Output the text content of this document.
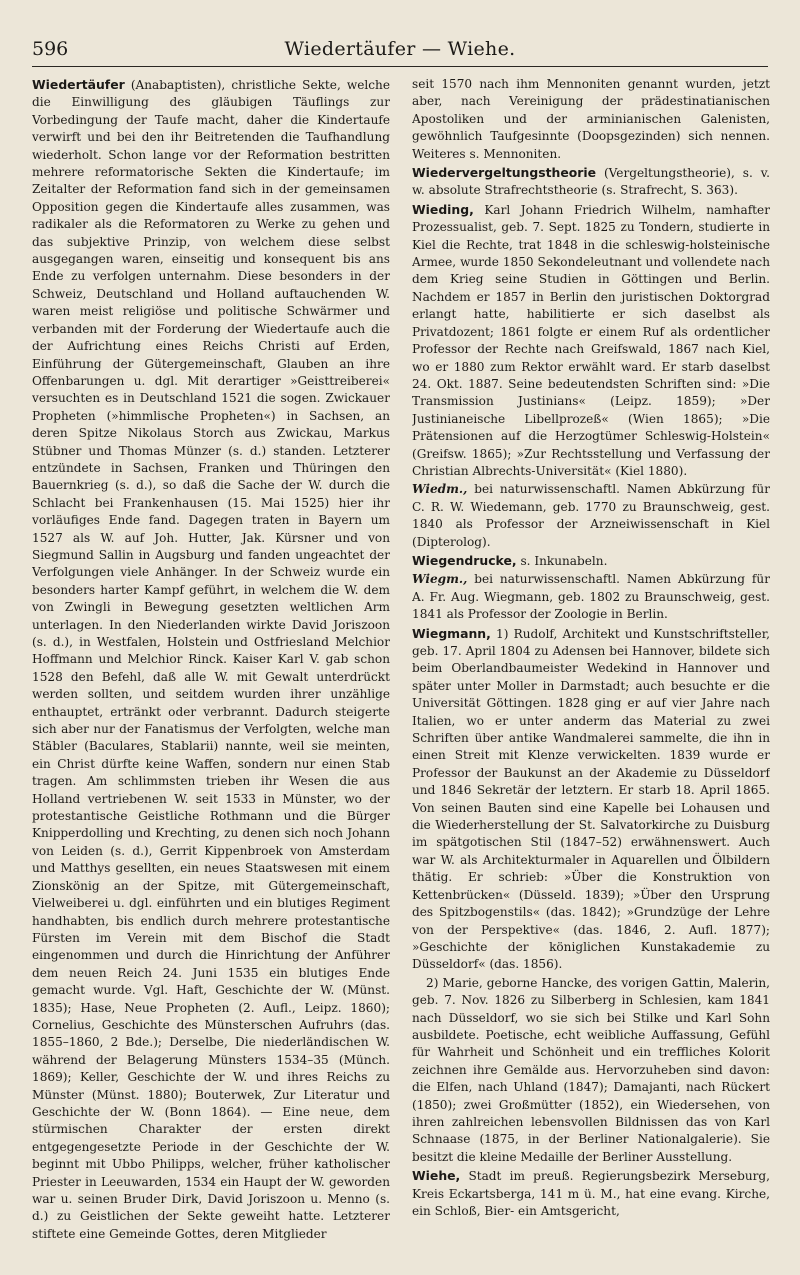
596	Wiedertäufer — Wiehe.

Wiedertäufer (Anabaptisten), christliche Sekte, welche die Einwilligung des gläubigen Täuflings zur Vorbedingung der Taufe macht, daher die Kindertaufe verwirft und bei den ihr Beitretenden die Taufhandlung wiederholt. Schon lange vor der Reformation bestritten mehrere reformatorische Sekten die Kindertaufe; im Zeitalter der Reformation fand sich in der gemeinsamen Opposition gegen die Kindertaufe alles zusammen, was radikaler als die Reformatoren zu Werke zu gehen und das subjektive Prinzip, von welchem diese selbst ausgegangen waren, einseitig und konsequent bis ans Ende zu verfolgen unternahm. Diese besonders in der Schweiz, Deutschland und Holland auftauchenden W. waren meist religiöse und politische Schwärmer und verbanden mit der Forderung der Wiedertaufe auch die der Aufrichtung eines Reichs Christi auf Erden, Einführung der Gütergemeinschaft, Glauben an ihre Offenbarungen u. dgl. Mit derartiger »Geisttreiberei« versuchten es in Deutschland 1521 die sogen. Zwickauer Propheten (»himmlische Propheten«) in Sachsen, an deren Spitze Nikolaus Storch aus Zwickau, Markus Stübner und Thomas Münzer (s. d.) standen. Letzterer entzündete in Sachsen, Franken und Thüringen den Bauernkrieg (s. d.), so daß die Sache der W. durch die Schlacht bei Frankenhausen (15. Mai 1525) hier ihr vorläufiges Ende fand. Dagegen traten in Bayern um 1527 als W. auf Joh. Hutter, Jak. Kürsner und von Siegmund Sallin in Augsburg und fanden ungeachtet der Verfolgungen viele Anhänger. In der Schweiz wurde ein besonders harter Kampf geführt, in welchem die W. dem von Zwingli in Bewegung gesetzten weltlichen Arm unterlagen. In den Niederlanden wirkte David Joriszoon (s. d.), in Westfalen, Holstein und Ostfriesland Melchior Hoffmann und Melchior Rinck. Kaiser Karl V. gab schon 1528 den Befehl, daß alle W. mit Gewalt unterdrückt werden sollten, und seitdem wurden ihrer unzählige enthauptet, ertränkt oder verbrannt. Dadurch steigerte sich aber nur der Fanatismus der Verfolgten, welche man Stäbler (Baculares, Stablarii) nannte, weil sie meinten, ein Christ dürfte keine Waffen, sondern nur einen Stab tragen. Am schlimmsten trieben ihr Wesen die aus Holland vertriebenen W. seit 1533 in Münster, wo der protestantische Geistliche Rothmann und die Bürger Knipperdolling und Krechting, zu denen sich noch Johann von Leiden (s. d.), Gerrit Kippenbroek von Amsterdam und Matthys gesellten, ein neues Staatswesen mit einem Zionskönig an der Spitze, mit Gütergemeinschaft, Vielweiberei u. dgl. einführten und ein blutiges Regiment handhabten, bis endlich durch mehrere protestantische Fürsten im Verein mit dem Bischof die Stadt eingenommen und durch die Hinrichtung der Anführer dem neuen Reich 24. Juni 1535 ein blutiges Ende gemacht wurde. Vgl. Haft, Geschichte der W. (Münst. 1835); Hase, Neue Propheten (2. Aufl., Leipz. 1860); Cornelius, Geschichte des Münsterschen Aufruhrs (das. 1855–1860, 2 Bde.); Derselbe, Die niederländischen W. während der Belagerung Münsters 1534–35 (Münch. 1869); Keller, Geschichte der W. und ihres Reichs zu Münster (Münst. 1880); Bouterwek, Zur Literatur und Geschichte der W. (Bonn 1864). — Eine neue, dem stürmischen Charakter der ersten direkt entgegengesetzte Periode in der Geschichte der W. beginnt mit Ubbo Philipps, welcher, früher katholischer Priester in Leeuwarden, 1534 ein Haupt der W. geworden war u. seinen Bruder Dirk, David Joriszoon u. Menno (s. d.) zu Geistlichen der Sekte geweiht hatte. Letzterer stiftete eine Gemeinde Gottes, deren Mitglieder

seit 1570 nach ihm Mennoniten genannt wurden, jetzt aber, nach Vereinigung der prädestinatianischen Apostoliken und der arminianischen Galenisten, gewöhnlich Taufgesinnte (Doopsgezinden) sich nennen. Weiteres s. Mennoniten.

Wiedervergeltungstheorie (Vergeltungstheorie), s. v. w. absolute Strafrechtstheorie (s. Strafrecht, S. 363).

Wieding, Karl Johann Friedrich Wilhelm, namhafter Prozessualist, geb. 7. Sept. 1825 zu Tondern, studierte in Kiel die Rechte, trat 1848 in die schleswig-holsteinische Armee, wurde 1850 Sekondeleutnant und vollendete nach dem Krieg seine Studien in Göttingen und Berlin. Nachdem er 1857 in Berlin den juristischen Doktorgrad erlangt hatte, habilitierte er sich daselbst als Privatdozent; 1861 folgte er einem Ruf als ordentlicher Professor der Rechte nach Greifswald, 1867 nach Kiel, wo er 1880 zum Rektor erwählt ward. Er starb daselbst 24. Okt. 1887. Seine bedeutendsten Schriften sind: »Die Transmission Justinians« (Leipz. 1859); »Der Justinianeische Libellprozeß« (Wien 1865); »Die Prätensionen auf die Herzogtümer Schleswig-Holstein« (Greifsw. 1865); »Zur Rechtsstellung und Verfassung der Christian Albrechts-Universität« (Kiel 1880).

Wiedm., bei naturwissenschaftl. Namen Abkürzung für C. R. W. Wiedemann, geb. 1770 zu Braunschweig, gest. 1840 als Professor der Arzneiwissenschaft in Kiel (Dipterolog).

Wiegendrucke, s. Inkunabeln.

Wiegm., bei naturwissenschaftl. Namen Abkürzung für A. Fr. Aug. Wiegmann, geb. 1802 zu Braunschweig, gest. 1841 als Professor der Zoologie in Berlin.

Wiegmann, 1) Rudolf, Architekt und Kunstschriftsteller, geb. 17. April 1804 zu Adensen bei Hannover, bildete sich beim Oberlandbaumeister Wedekind in Hannover und später unter Moller in Darmstadt; auch besuchte er die Universität Göttingen. 1828 ging er auf vier Jahre nach Italien, wo er unter anderm das Material zu zwei Schriften über antike Wandmalerei sammelte, die ihn in einen Streit mit Klenze verwickelten. 1839 wurde er Professor der Baukunst an der Akademie zu Düsseldorf und 1846 Sekretär der letztern. Er starb 18. April 1865. Von seinen Bauten sind eine Kapelle bei Lohausen und die Wiederherstellung der St. Salvatorkirche zu Duisburg im spätgotischen Stil (1847–52) erwähnenswert. Auch war W. als Architekturmaler in Aquarellen und Ölbildern thätig. Er schrieb: »Über die Konstruktion von Kettenbrücken« (Düsseld. 1839); »Über den Ursprung des Spitzbogenstils« (das. 1842); »Grundzüge der Lehre von der Perspektive« (das. 1846, 2. Aufl. 1877); »Geschichte der königlichen Kunstakademie zu Düsseldorf« (das. 1856).

2) Marie, geborne Hancke, des vorigen Gattin, Malerin, geb. 7. Nov. 1826 zu Silberberg in Schlesien, kam 1841 nach Düsseldorf, wo sie sich bei Stilke und Karl Sohn ausbildete. Poetische, echt weibliche Auffassung, Gefühl für Wahrheit und Schönheit und ein treffliches Kolorit zeichnen ihre Gemälde aus. Hervorzuheben sind davon: die Elfen, nach Uhland (1847); Damajanti, nach Rückert (1850); zwei Großmütter (1852), ein Wiedersehen, von ihren zahlreichen lebensvollen Bildnissen das von Karl Schnaase (1875, in der Berliner Nationalgalerie). Sie besitzt die kleine Medaille der Berliner Ausstellung.

Wiehe, Stadt im preuß. Regierungsbezirk Merseburg, Kreis Eckartsberga, 141 m ü. M., hat eine evang. Kirche, ein Schloß, Bier- ein Amtsgericht,
